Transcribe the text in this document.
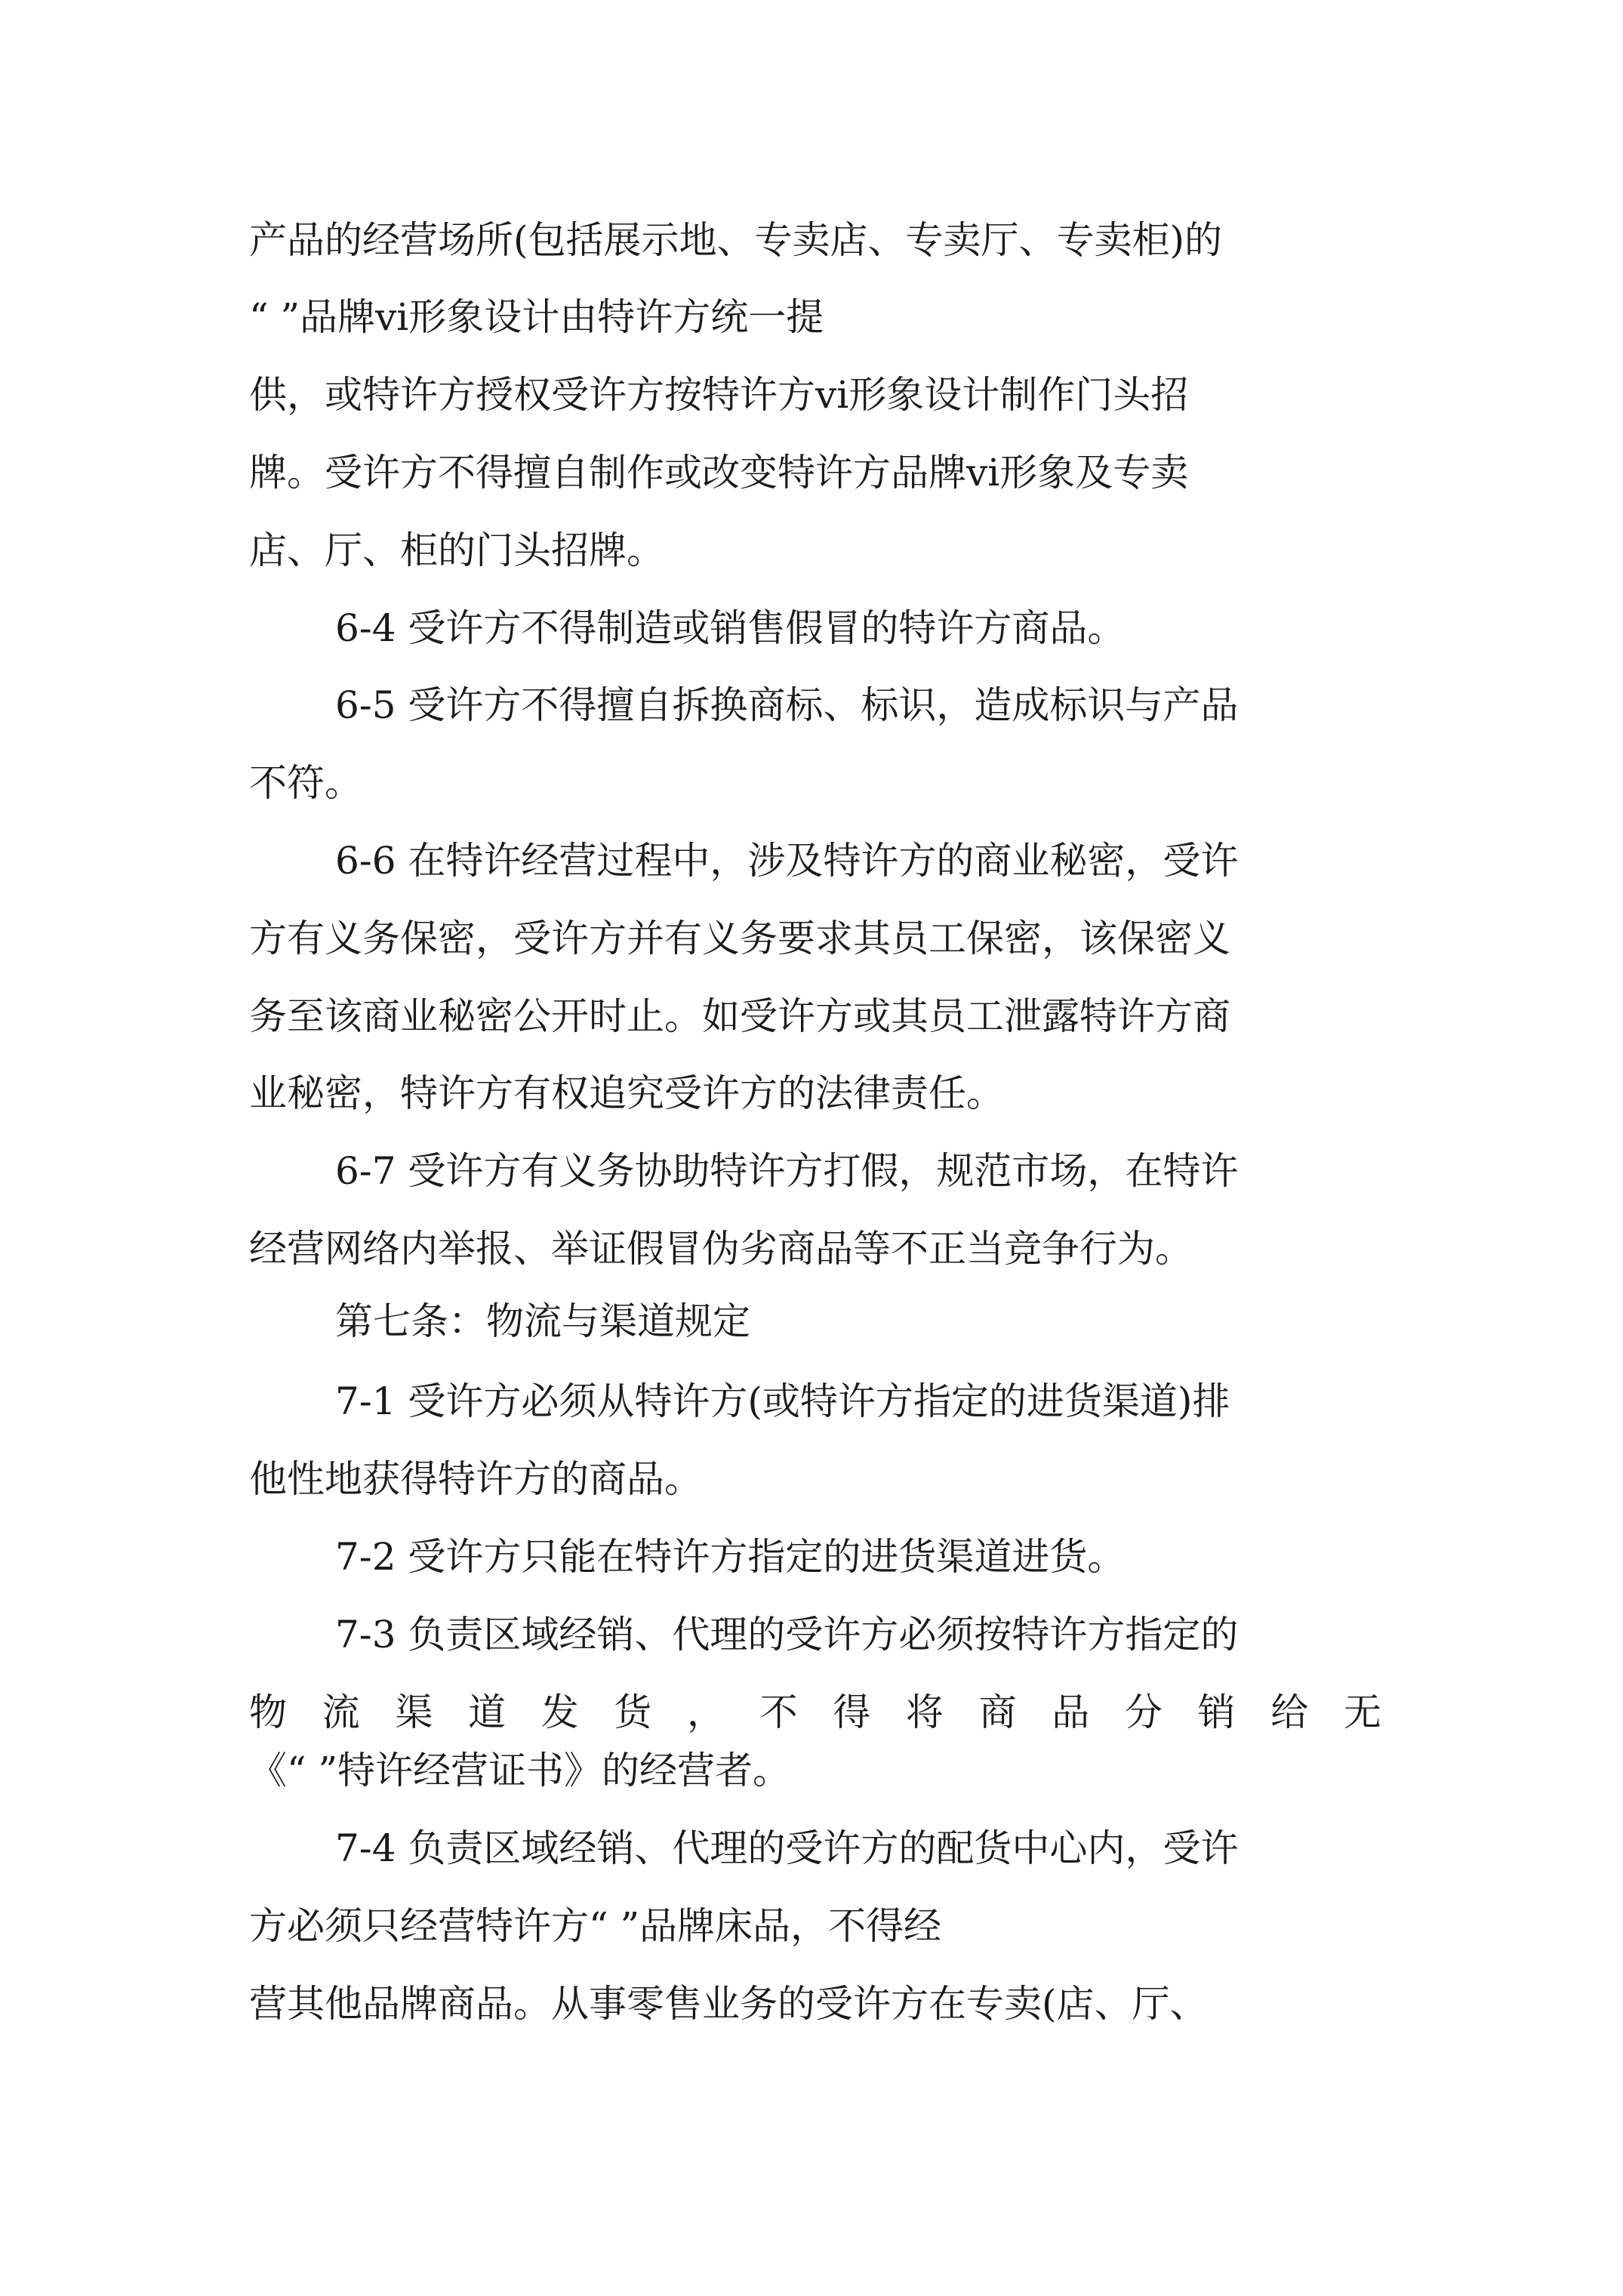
产品的经营场所(包括展示地、专卖店、专卖厅、专卖柜)的
“ ”品牌vi形象设计由特许方统一提
供，或特许方授权受许方按特许方vi形象设计制作门头招
牌。受许方不得擅自制作或改变特许方品牌vi形象及专卖
店、厅、柜的门头招牌。
6-4 受许方不得制造或销售假冒的特许方商品。
6-5 受许方不得擅自拆换商标、标识，造成标识与产品
不符。
6-6 在特许经营过程中，涉及特许方的商业秘密，受许
方有义务保密，受许方并有义务要求其员工保密，该保密义
务至该商业秘密公开时止。如受许方或其员工泄露特许方商
业秘密，特许方有权追究受许方的法律责任。
6-7 受许方有义务协助特许方打假，规范市场，在特许
经营网络内举报、举证假冒伪劣商品等不正当竞争行为。
第七条：物流与渠道规定
7-1 受许方必须从特许方(或特许方指定的进货渠道)排
他性地获得特许方的商品。
7-2 受许方只能在特许方指定的进货渠道进货。
7-3 负责区域经销、代理的受许方必须按特许方指定的
物 流 渠 道 发 货 ， 不 得 将 商 品 分 销 给 无
《“ ”特许经营证书》的经营者。
7-4 负责区域经销、代理的受许方的配货中心内，受许
方必须只经营特许方“ ”品牌床品，不得经
营其他品牌商品。从事零售业务的受许方在专卖(店、厅、
